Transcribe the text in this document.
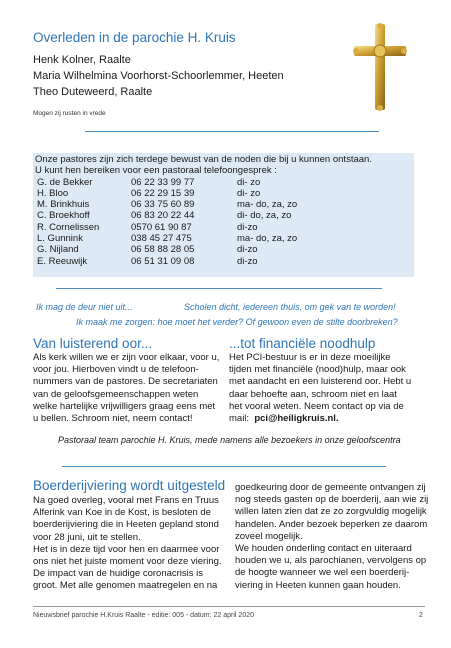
Overleden in de parochie H. Kruis
Henk Kolner, Raalte
Maria Wilhelmina Voorhorst-Schoorlemmer, Heeten
Theo Duteweerd, Raalte
Mogen zij rusten in vrede
Onze pastores zijn zich terdege bewust van de noden die bij u kunnen ontstaan.
U kunt hen bereiken voor een pastoraal telefoongesprek :
G. de Bekker	06 22 33 99 77	di- zo
H. Bloo	06 22 29 15 39	di- zo
M. Brinkhuis	06 33 75 60 89	ma- do, za, zo
C. Broekhoff	06 83 20 22 44	di- do, za, zo
R. Cornelissen	0570 61 90 87	di-zo
L. Gunnink	038 45 27 475	ma- do, za, zo
G. Nijland	06 58 88 28 05	di-zo
E. Reeuwijk	06 51 31 09 08	di-zo
Ik mag de deur niet uit...	Scholen dicht, iedereen thuis, om gek van te worden!
Ik maak me zorgen: hoe moet het verder? Of gewoon even de stilte doorbreken?
Van luisterend oor...
Als kerk willen we er zijn voor elkaar, voor u,
voor jou. Hierboven vindt u de telefoon-
nummers van de pastores. De secretariaten
van de geloofsgemeenschappen weten
welke hartelijke vrijwilligers graag eens met
u bellen. Schroom niet, neem contact!
...tot financiële noodhulp
Het PCI-bestuur is er in deze moeilijke
tijden met financiële (nood)hulp, maar ook
met aandacht en een luisterend oor. Hebt u
daar behoefte aan, schroom niet en laat
het vooral weten. Neem contact op via de
mail:  pci@heiligkruis.nl.
Pastoraal team parochie H. Kruis, mede namens alle bezoekers in onze geloofscentra
Boerderijviering wordt uitgesteld
Na goed overleg, vooral met Frans en Truus
Alferink van Koe in de Kost, is besloten de
boerderijviering die in Heeten gepland stond
voor 28 juni, uit te stellen.
Het is in deze tijd voor hen en daarmee voor
ons niet het juiste moment voor deze viering.
De impact van de huidige coronacrisis is
groot. Met alle genomen maatregelen en na
goedkeuring door de gemeente ontvangen zij
nog steeds gasten op de boerderij, aan wie zij
willen laten zien dat ze zo zorgvuldig mogelijk
handelen. Ander bezoek beperken ze daarom
zoveel mogelijk.
We houden onderling contact en uiteraard
houden we u, als parochianen, vervolgens op
de hoogte wanneer we wel een boerderij-
viering in Heeten kunnen gaan houden.
Nieuwsbrief parochie H.Kruis Raalte - editie: 005 - datum: 22 april 2020	2
